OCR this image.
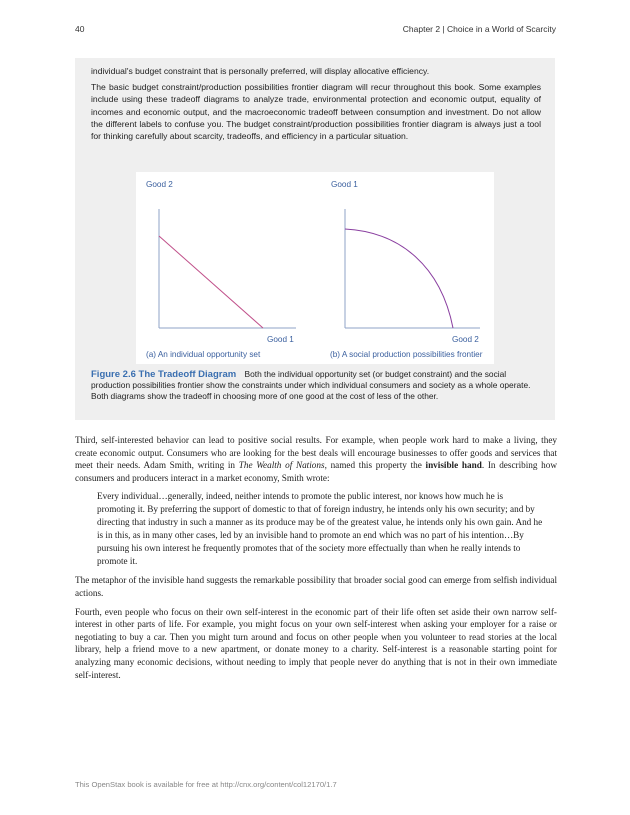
40	Chapter 2 | Choice in a World of Scarcity

individual's budget constraint that is personally preferred, will display allocative efficiency.

The basic budget constraint/production possibilities frontier diagram will recur throughout this book. Some examples include using these tradeoff diagrams to analyze trade, environmental protection and economic output, equality of incomes and economic output, and the macroeconomic tradeoff between consumption and investment. Do not allow the different labels to confuse you. The budget constraint/production possibilities frontier diagram is always just a tool for thinking carefully about scarcity, tradeoffs, and efficiency in a particular situation.

Good 2
Good 1
(a) An individual opportunity set
Good 1
Good 2
(b) A social production possibilities frontier
Figure 2.6 The Tradeoff Diagram Both the individual opportunity set (or budget constraint) and the social production possibilities frontier show the constraints under which individual consumers and society as a whole operate. Both diagrams show the tradeoff in choosing more of one good at the cost of less of the other.

Third, self-interested behavior can lead to positive social results. For example, when people work hard to make a living, they create economic output. Consumers who are looking for the best deals will encourage businesses to offer goods and services that meet their needs. Adam Smith, writing in The Wealth of Nations, named this property the invisible hand. In describing how consumers and producers interact in a market economy, Smith wrote:

Every individual…generally, indeed, neither intends to promote the public interest, nor knows how much he is promoting it. By preferring the support of domestic to that of foreign industry, he intends only his own security; and by directing that industry in such a manner as its produce may be of the greatest value, he intends only his own gain. And he is in this, as in many other cases, led by an invisible hand to promote an end which was no part of his intention…By pursuing his own interest he frequently promotes that of the society more effectually than when he really intends to promote it.

The metaphor of the invisible hand suggests the remarkable possibility that broader social good can emerge from selfish individual actions.

Fourth, even people who focus on their own self-interest in the economic part of their life often set aside their own narrow self-interest in other parts of life. For example, you might focus on your own self-interest when asking your employer for a raise or negotiating to buy a car. Then you might turn around and focus on other people when you volunteer to read stories at the local library, help a friend move to a new apartment, or donate money to a charity. Self-interest is a reasonable starting point for analyzing many economic decisions, without needing to imply that people never do anything that is not in their own immediate self-interest.

This OpenStax book is available for free at http://cnx.org/content/col12170/1.7
